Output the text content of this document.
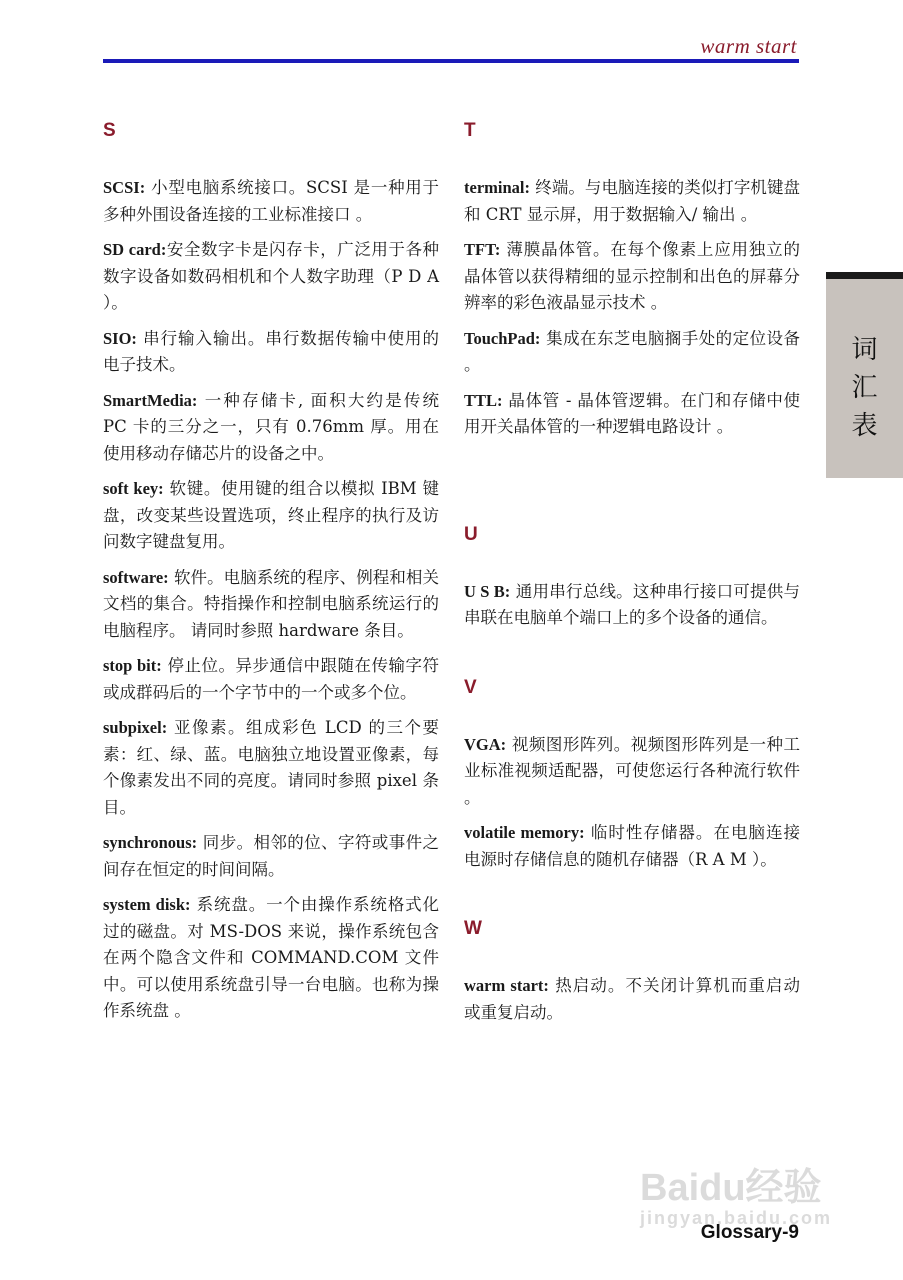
warm start

S

SCSI: 小型电脑系统接口。SCSI 是一种用于多种外围设备连接的工业标准接口 。

SD card:安全数字卡是闪存卡，广泛用于各种数字设备如数码相机和个人数字助理（P D A ）。

SIO: 串行输入输出。串行数据传输中使用的电子技术。

SmartMedia: 一种存储卡, 面积大约是传统 PC 卡的三分之一，只有 0.76mm 厚。用在使用移动存储芯片的设备之中。

soft key: 软键。使用键的组合以模拟 IBM 键盘，改变某些设置选项，终止程序的执行及访问数字键盘复用。

software: 软件。电脑系统的程序、例程和相关文档的集合。特指操作和控制电脑系统运行的电脑程序。 请同时参照 hardware 条目。

stop bit: 停止位。异步通信中跟随在传输字符或成群码后的一个字节中的一个或多个位。

subpixel: 亚像素。组成彩色 LCD 的三个要素：红、绿、蓝。电脑独立地设置亚像素，每个像素发出不同的亮度。请同时参照 pixel 条目。

synchronous: 同步。相邻的位、字符或事件之间存在恒定的时间间隔。

system disk: 系统盘。一个由操作系统格式化过的磁盘。对 MS-DOS 来说，操作系统包含在两个隐含文件和 COMMAND.COM 文件中。可以使用系统盘引导一台电脑。也称为操作系统盘 。

T

terminal: 终端。与电脑连接的类似打字机键盘和 CRT 显示屏，用于数据输入/ 输出 。

TFT: 薄膜晶体管。在每个像素上应用独立的晶体管以获得精细的显示控制和出色的屏幕分辨率的彩色液晶显示技术 。

TouchPad: 集成在东芝电脑搁手处的定位设备 。

TTL: 晶体管 - 晶体管逻辑。在门和存储中使用开关晶体管的一种逻辑电路设计 。

U

U S B: 通用串行总线。这种串行接口可提供与串联在电脑单个端口上的多个设备的通信。

V

VGA: 视频图形阵列。视频图形阵列是一种工业标准视频适配器，可使您运行各种流行软件 。

volatile memory: 临时性存储器。在电脑连接电源时存储信息的随机存储器（R A M ）。

W

warm start: 热启动。不关闭计算机而重启动或重复启动。

词
汇
表
Baidu经验
jingyan.baidu.com
Glossary-9
